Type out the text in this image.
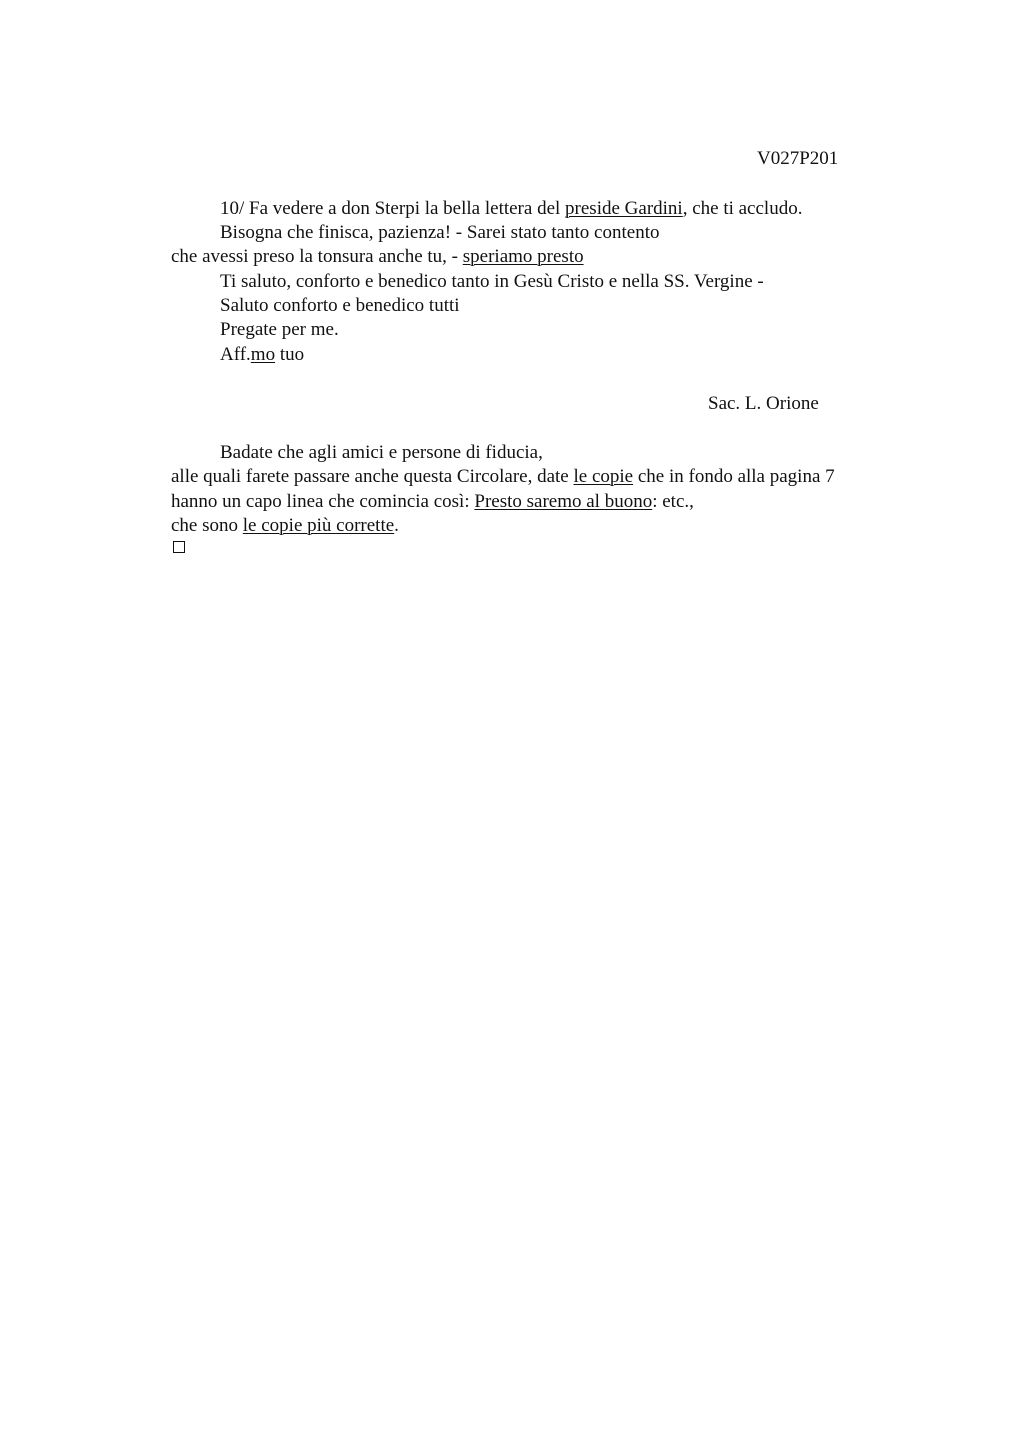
V027P201
10/ Fa vedere a don Sterpi la bella lettera del preside Gardini, che ti accludo.
Bisogna che finisca, pazienza! - Sarei stato tanto contento
che avessi preso la tonsura anche tu, - speriamo presto
Ti saluto, conforto e benedico tanto in Gesù Cristo e nella SS. Vergine -
Saluto conforto e benedico tutti
Pregate per me.
Aff.mo tuo
Sac. L. Orione
Badate che agli amici e persone di fiducia,
alle quali farete passare anche questa Circolare, date le copie che in fondo alla pagina 7
hanno un capo linea che comincia così: Presto saremo al buono: etc.,
che sono le copie più corrette.
